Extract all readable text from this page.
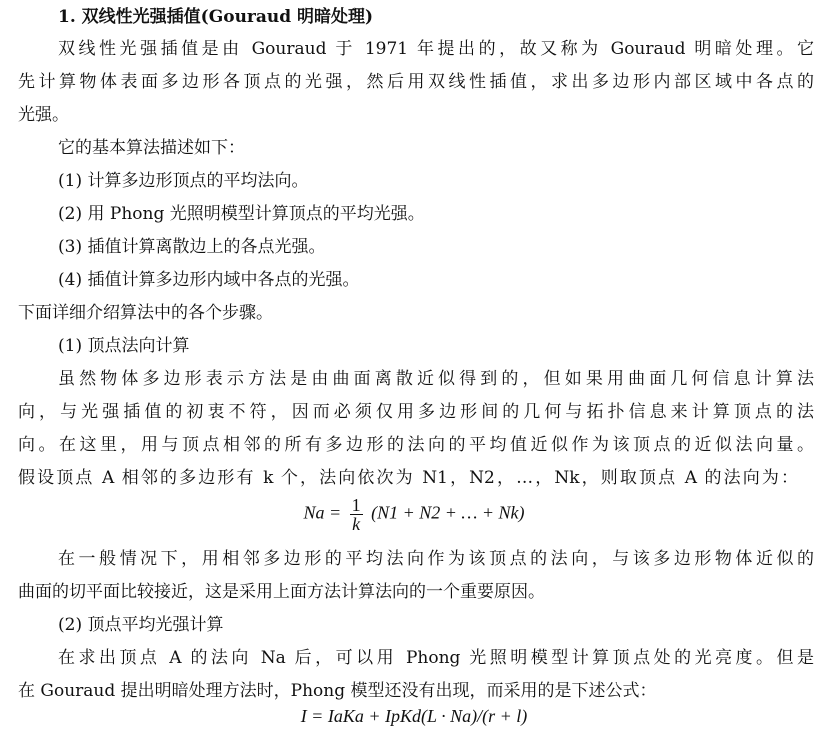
1. 双线性光强插值(Gouraud 明暗处理)
双线性光强插值是由 Gouraud 于 1971 年提出的，故又称为 Gouraud 明暗处理。它
先计算物体表面多边形各顶点的光强，然后用双线性插值，求出多边形内部区域中各点的
光强。
它的基本算法描述如下：
(1) 计算多边形顶点的平均法向。
(2) 用 Phong 光照明模型计算顶点的平均光强。
(3) 插值计算离散边上的各点光强。
(4) 插值计算多边形内域中各点的光强。
下面详细介绍算法中的各个步骤。
(1) 顶点法向计算
虽然物体多边形表示方法是由曲面离散近似得到的，但如果用曲面几何信息计算法
向，与光强插值的初衷不符，因而必须仅用多边形间的几何与拓扑信息来计算顶点的法
向。在这里，用与顶点相邻的所有多边形的法向的平均值近似作为该顶点的近似法向量。
假设顶点 A 相邻的多边形有 k 个，法向依次为 N1，N2，…，Nk，则取顶点 A 的法向为：
$Na = \frac{1}{k} (N1 + N2$ + … + Nk)
在一般情况下，用相邻多边形的平均法向作为该顶点的法向，与该多边形物体近似的
曲面的切平面比较接近，这是采用上面方法计算法向的一个重要原因。
(2) 顶点平均光强计算
在求出顶点 A 的法向 Na 后，可以用 Phong 光照明模型计算顶点处的光亮度。但是
在 Gouraud 提出明暗处理方法时，Phong 模型还没有出现，而采用的是下述公式：
I = IaKa + IpKd(L · Na)/(r + l)
